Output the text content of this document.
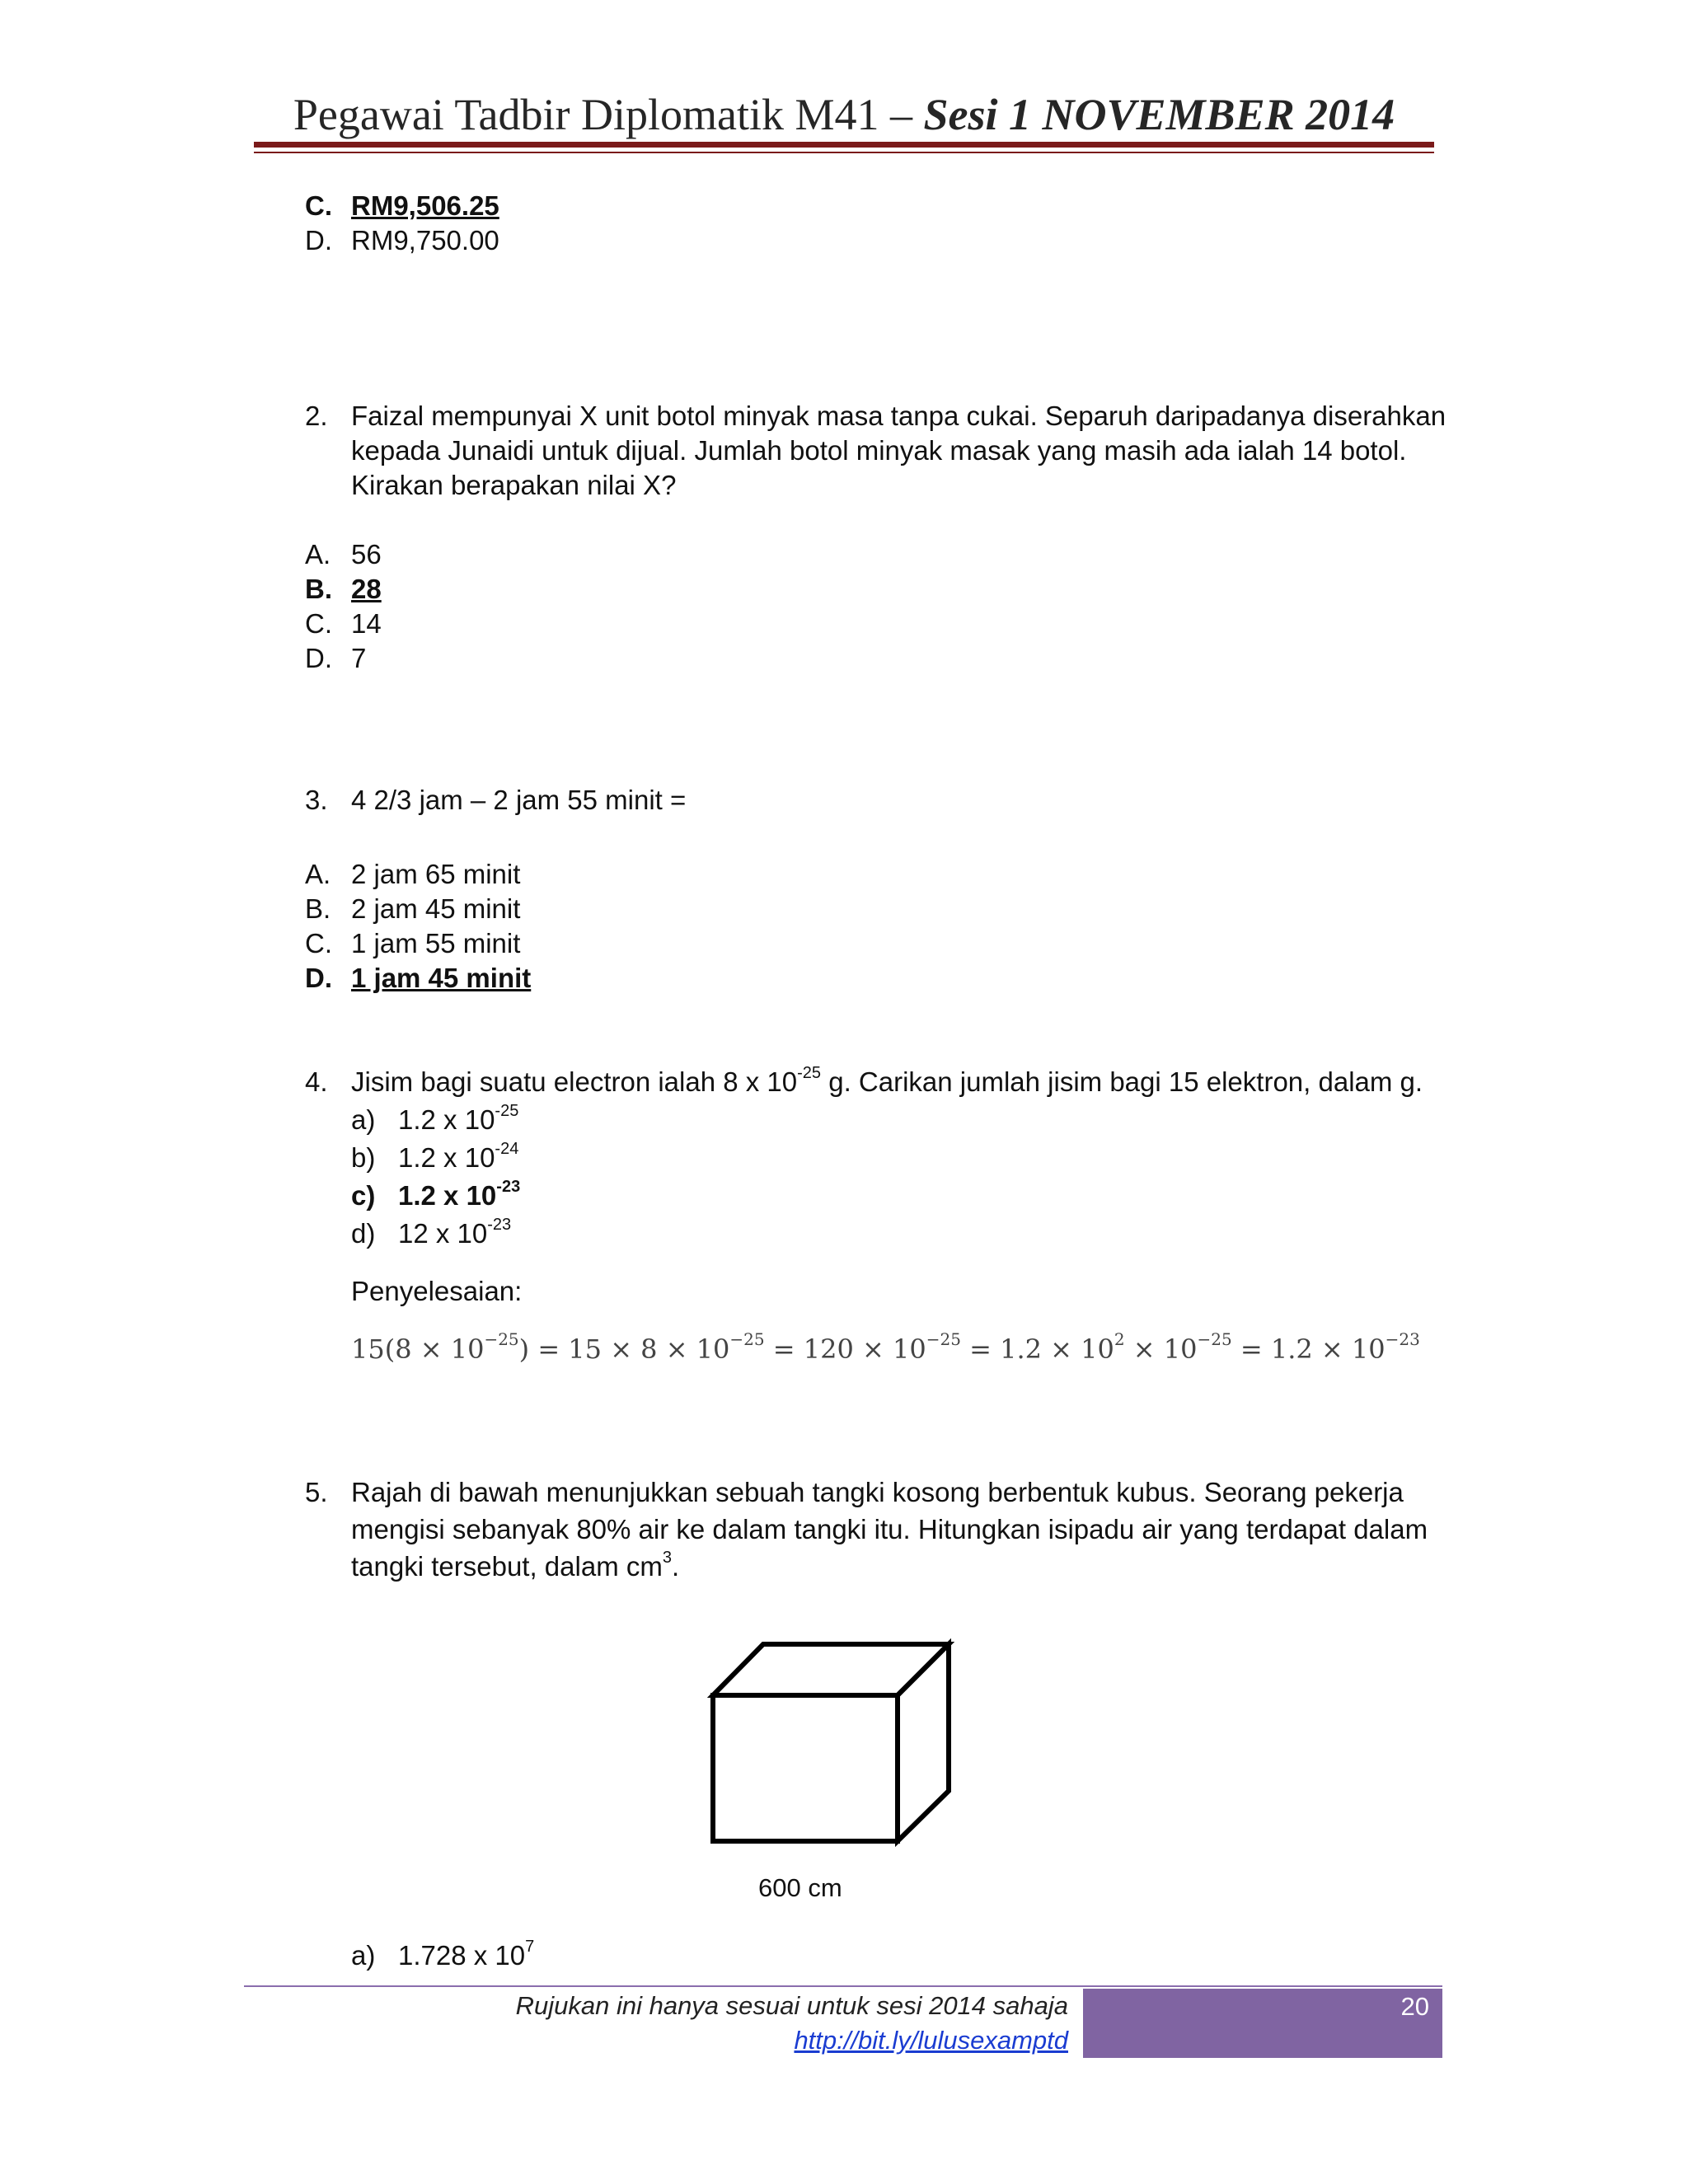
Pegawai Tadbir Diplomatik M41 – Sesi 1 NOVEMBER 2014
C. RM9,506.25
D. RM9,750.00
2. Faizal mempunyai X unit botol minyak masa tanpa cukai. Separuh daripadanya diserahkan
kepada Junaidi untuk dijual. Jumlah botol minyak masak yang masih ada ialah 14 botol.
Kirakan berapakan nilai X?
A. 56
B. 28
C. 14
D. 7
3. 4 2/3 jam – 2 jam 55 minit =
A. 2 jam 65 minit
B. 2 jam 45 minit
C. 1 jam 55 minit
D. 1 jam 45 minit
4. Jisim bagi suatu electron ialah 8 x $10^{-25}$ g. Carikan jumlah jisim bagi 15 elektron, dalam g.
a) 1.2 x $10^{-25}$
b) 1.2 x $10^{-24}$
c) 1.2 x $10^{-23}$
d) 12 x $10^{-23}$
Penyelesaian:
$15(8 \times 10^{-25}) = 15 \times 8 \times 10^{-25} = 120 \times 10^{-25} = 1.2 \times 10^2 \times 10^{-25} = 1.2 \times 10^{-23}$
5. Rajah di bawah menunjukkan sebuah tangki kosong berbentuk kubus. Seorang pekerja
mengisi sebanyak 80% air ke dalam tangki itu. Hitungkan isipadu air yang terdapat dalam
tangki tersebut, dalam $cm^3$.
600 cm
a) 1.728 x $10^7$
20
Rujukan ini hanya sesuai untuk sesi 2014 sahaja
http://bit.ly/lulusexamptd
